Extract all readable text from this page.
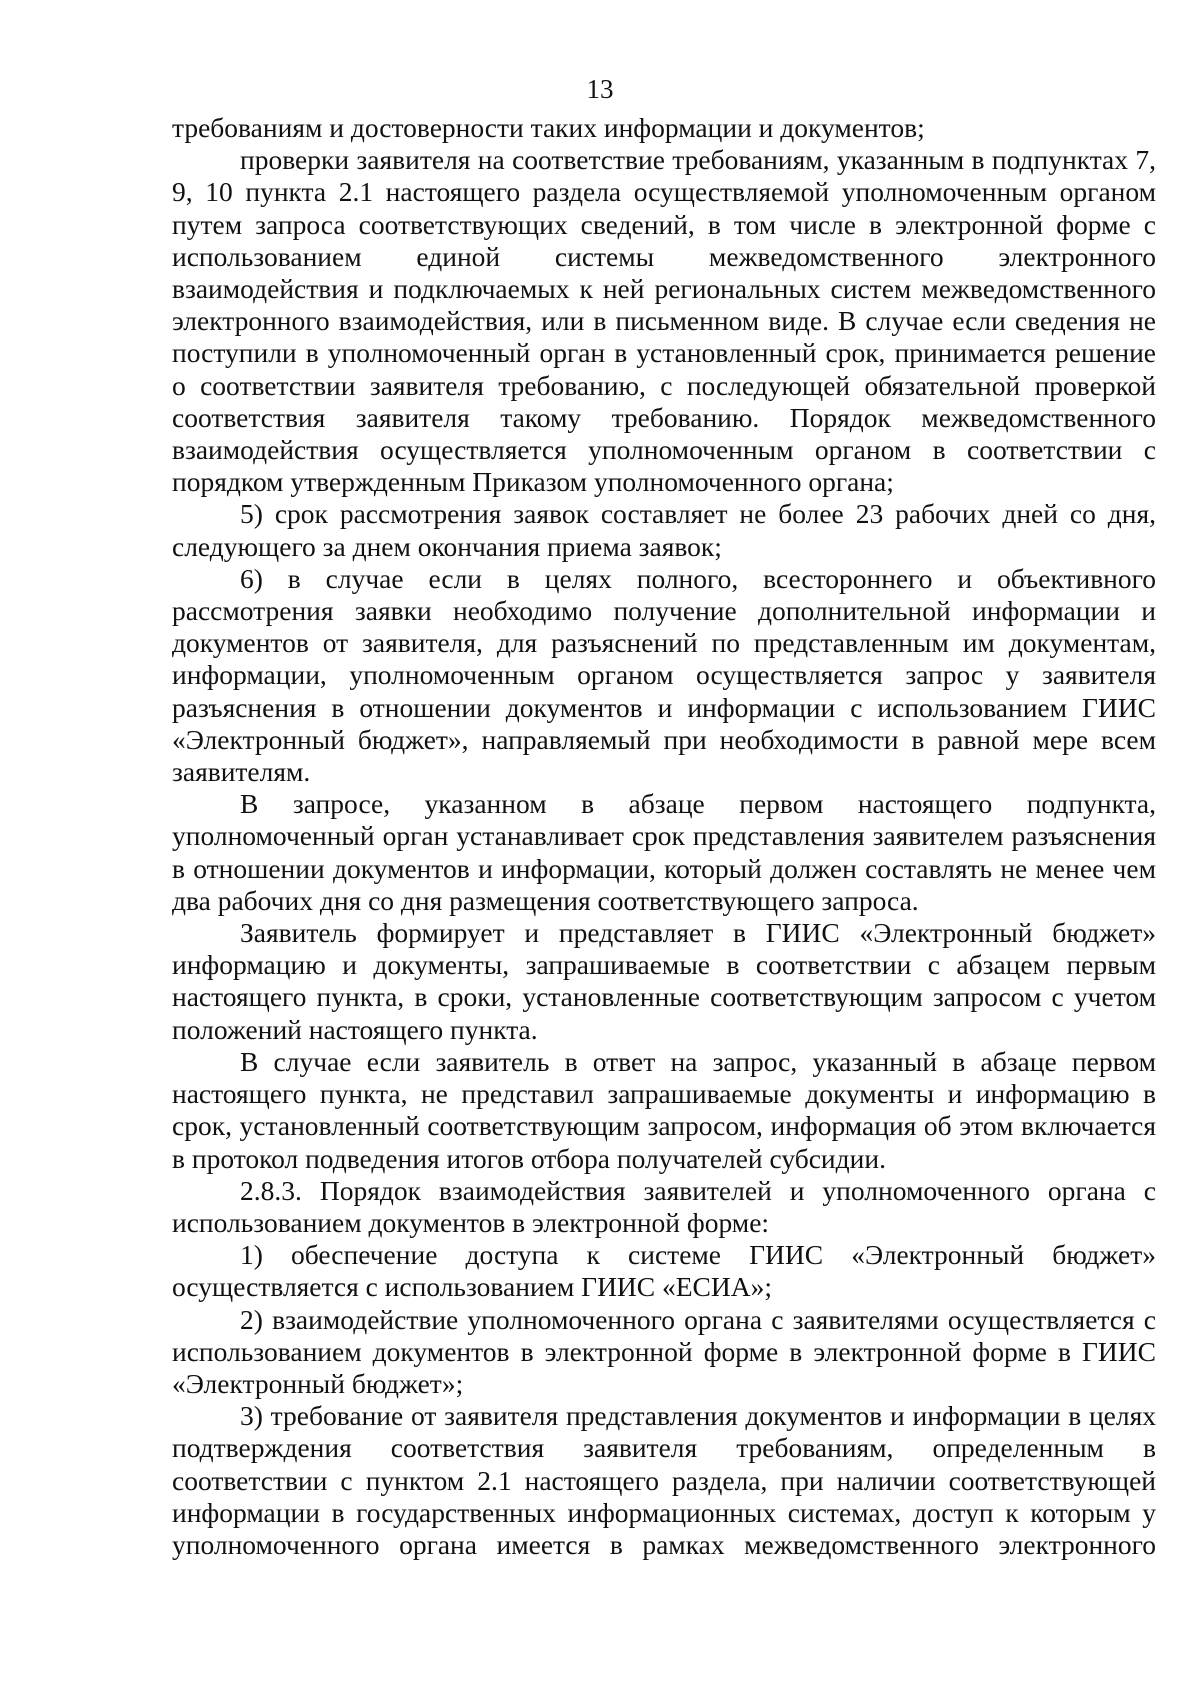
13

требованиям и достоверности таких информации и документов;

проверки заявителя на соответствие требованиям, указанным в подпунктах 7, 9, 10 пункта 2.1 настоящего раздела осуществляемой уполномоченным органом путем запроса соответствующих сведений, в том числе в электронной форме с использованием единой системы межведомственного электронного взаимодействия и подключаемых к ней региональных систем межведомственного электронного взаимодействия, или в письменном виде. В случае если сведения не поступили в уполномоченный орган в установленный срок, принимается решение о соответствии заявителя требованию, с последующей обязательной проверкой соответствия заявителя такому требованию. Порядок межведомственного взаимодействия осуществляется уполномоченным органом в соответствии с порядком утвержденным Приказом уполномоченного органа;

5) срок рассмотрения заявок составляет не более 23 рабочих дней со дня, следующего за днем окончания приема заявок;

6) в случае если в целях полного, всестороннего и объективного рассмотрения заявки необходимо получение дополнительной информации и документов от заявителя, для разъяснений по представленным им документам, информации, уполномоченным органом осуществляется запрос у заявителя разъяснения в отношении документов и информации с использованием ГИИС «Электронный бюджет», направляемый при необходимости в равной мере всем заявителям.

В запросе, указанном в абзаце первом настоящего подпункта, уполномоченный орган устанавливает срок представления заявителем разъяснения в отношении документов и информации, который должен составлять не менее чем два рабочих дня со дня размещения соответствующего запроса.

Заявитель формирует и представляет в ГИИС «Электронный бюджет» информацию и документы, запрашиваемые в соответствии с абзацем первым настоящего пункта, в сроки, установленные соответствующим запросом с учетом положений настоящего пункта.

В случае если заявитель в ответ на запрос, указанный в абзаце первом настоящего пункта, не представил запрашиваемые документы и информацию в срок, установленный соответствующим запросом, информация об этом включается в протокол подведения итогов отбора получателей субсидии.

2.8.3. Порядок взаимодействия заявителей и уполномоченного органа с использованием документов в электронной форме:

1) обеспечение доступа к системе ГИИС «Электронный бюджет» осуществляется с использованием ГИИС «ЕСИА»;

2) взаимодействие уполномоченного органа с заявителями осуществляется с использованием документов в электронной форме в электронной форме в ГИИС «Электронный бюджет»;

3) требование от заявителя представления документов и информации в целях подтверждения соответствия заявителя требованиям, определенным в соответствии с пунктом 2.1 настоящего раздела, при наличии соответствующей информации в государственных информационных системах, доступ к которым у уполномоченного органа имеется в рамках межведомственного электронного
